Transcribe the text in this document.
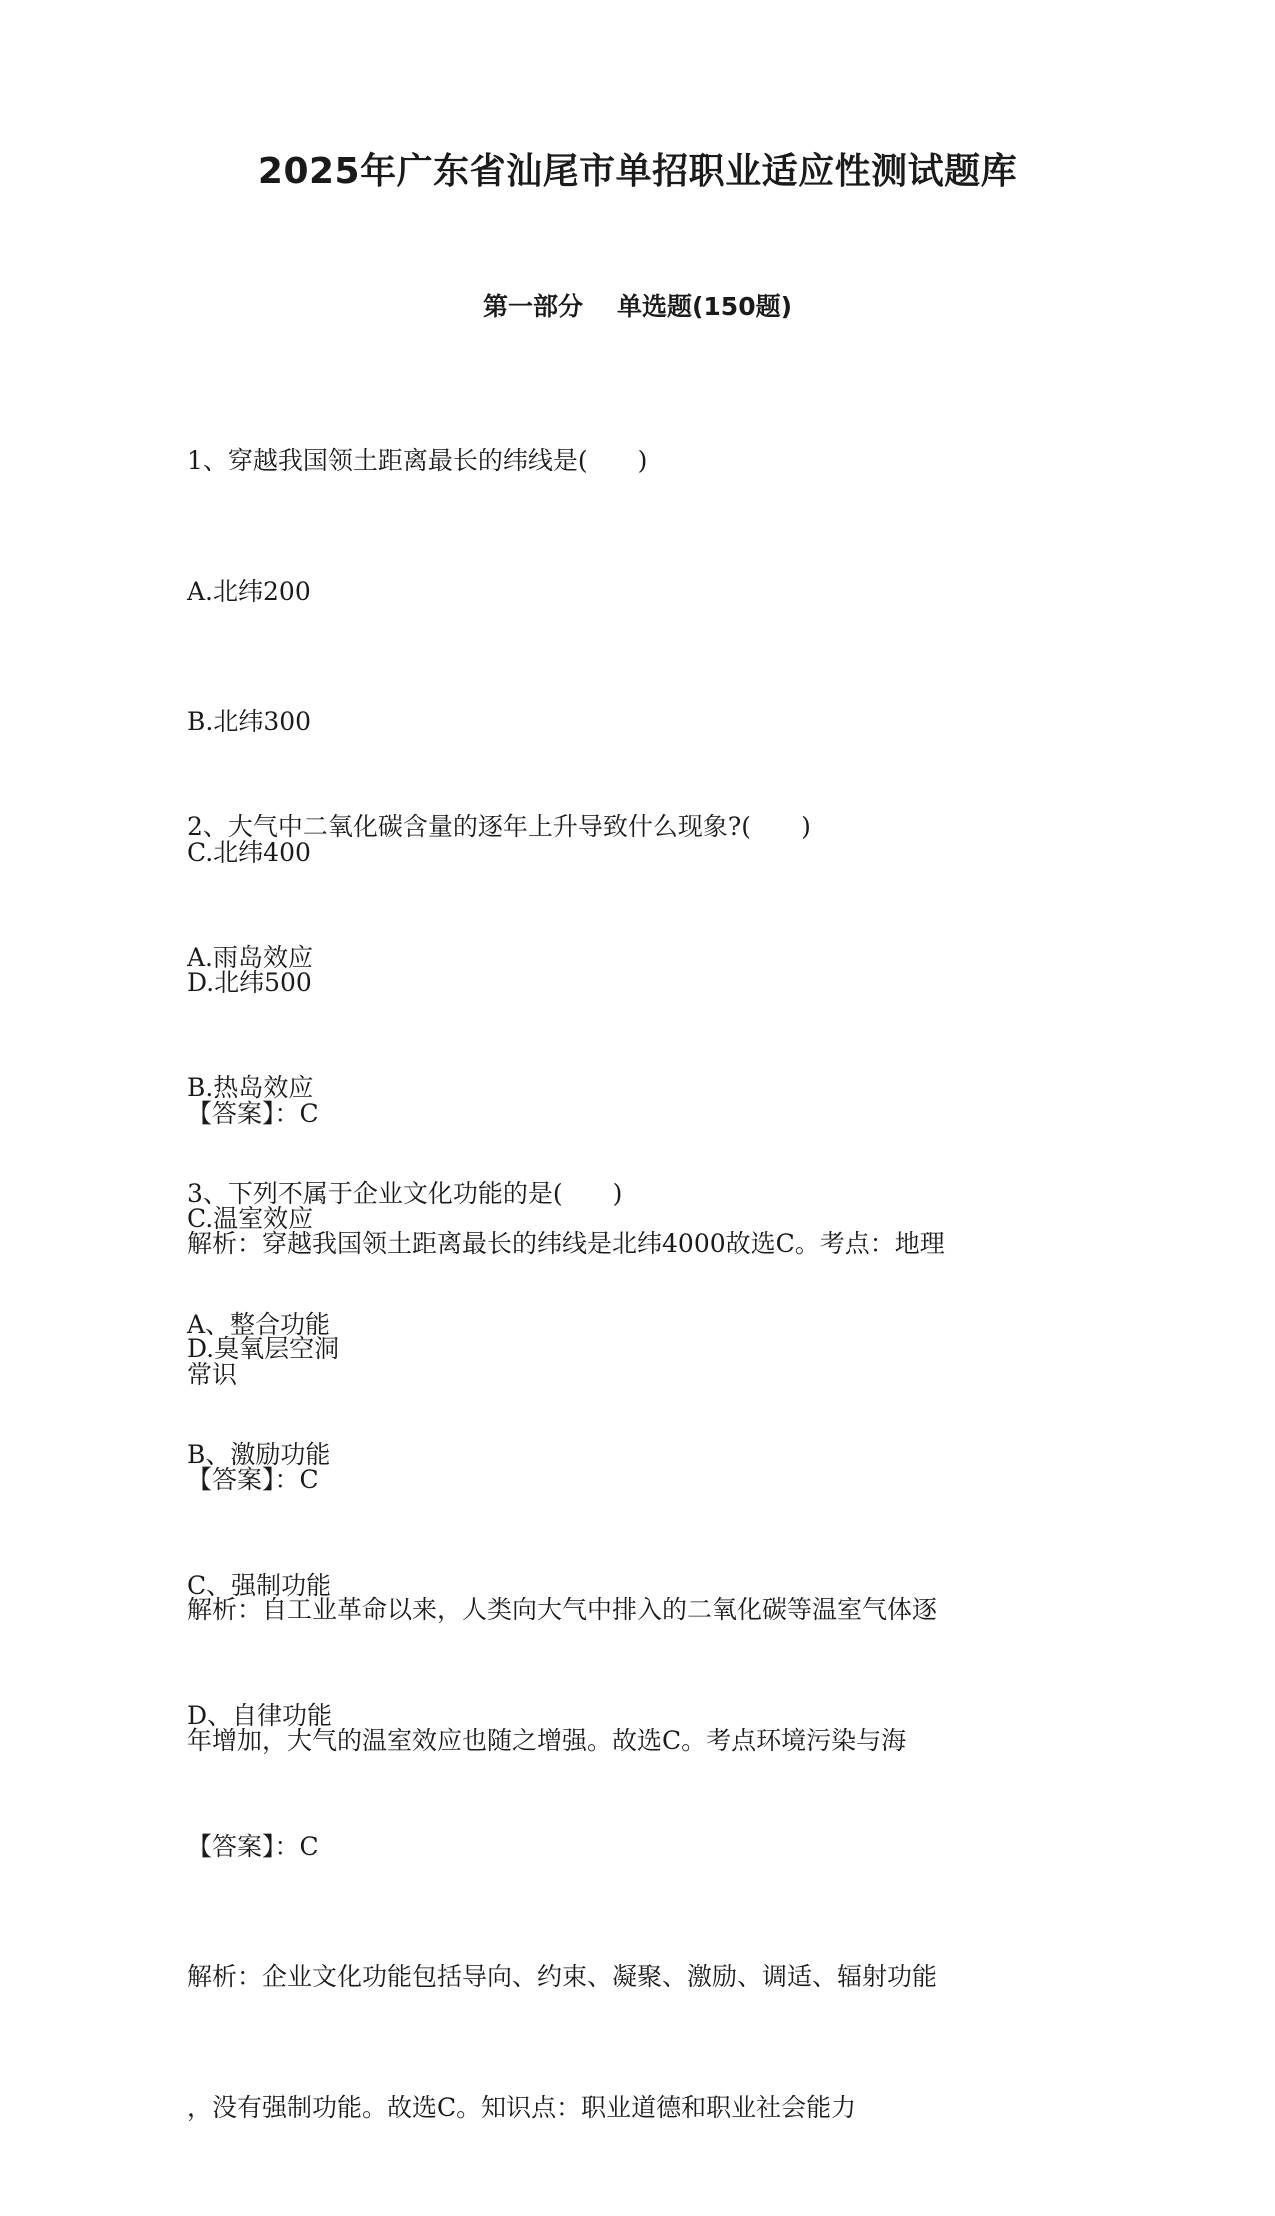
2025年广东省汕尾市单招职业适应性测试题库
第一部分 单选题(150题)

1、穿越我国领土距离最长的纬线是(　　)

A.北纬200

B.北纬300

C.北纬400

D.北纬500

【答案】：C

解析：穿越我国领土距离最长的纬线是北纬4000故选C。考点：地理

常识

2、大气中二氧化碳含量的逐年上升导致什么现象?(　　)

A.雨岛效应

B.热岛效应

C.温室效应

D.臭氧层空洞

【答案】：C

解析：自工业革命以来，人类向大气中排入的二氧化碳等温室气体逐

年增加，大气的温室效应也随之增强。故选C。考点环境污染与海

3、下列不属于企业文化功能的是(　　)

A、整合功能

B、激励功能

C、强制功能

D、自律功能

【答案】：C

解析：企业文化功能包括导向、约束、凝聚、激励、调适、辐射功能

，没有强制功能。故选C。知识点：职业道德和职业社会能力
